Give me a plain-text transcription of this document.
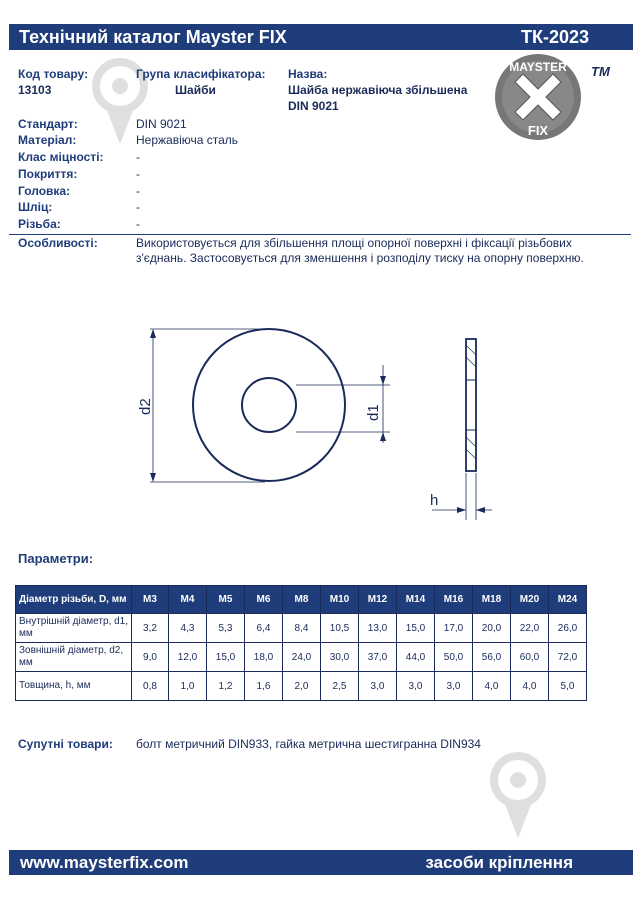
Технічний каталог Mayster FIX	ТК-2023
Код товару:
13103
Група класифікатора:
Шайби
Назва:
Шайба нержавіюча збільшена
DIN 9021
MAYSTER
FIX
TM
Стандарт:	DIN 9021
Матеріал:	Нержавіюча сталь
Клас міцності:	-
Покриття:	-
Головка:	-
Шліц:	-
Різьба:	-
Особливості:	Використовується для збільшення площі опорної поверхні і фіксації різьбових з'єднань. Застосовується для зменшення і розподілу тиску на опорну поверхню.
d2	d1
h
Параметри:
Діаметр різьби, D, мм	M3	M4	M5	M6	M8	M10	M12	M14	M16	M18	M20	M24
Внутрішній діаметр, d1, мм	3,2	4,3	5,3	6,4	8,4	10,5	13,0	15,0	17,0	20,0	22,0	26,0
Зовнішній діаметр, d2, мм	9,0	12,0	15,0	18,0	24,0	30,0	37,0	44,0	50,0	56,0	60,0	72,0
Товщина, h, мм	0,8	1,0	1,2	1,6	2,0	2,5	3,0	3,0	3,0	4,0	4,0	5,0
Супутні товари: болт метричний DIN933, гайка метрична шестигранна DIN934
www.maysterfix.com	засоби кріплення
